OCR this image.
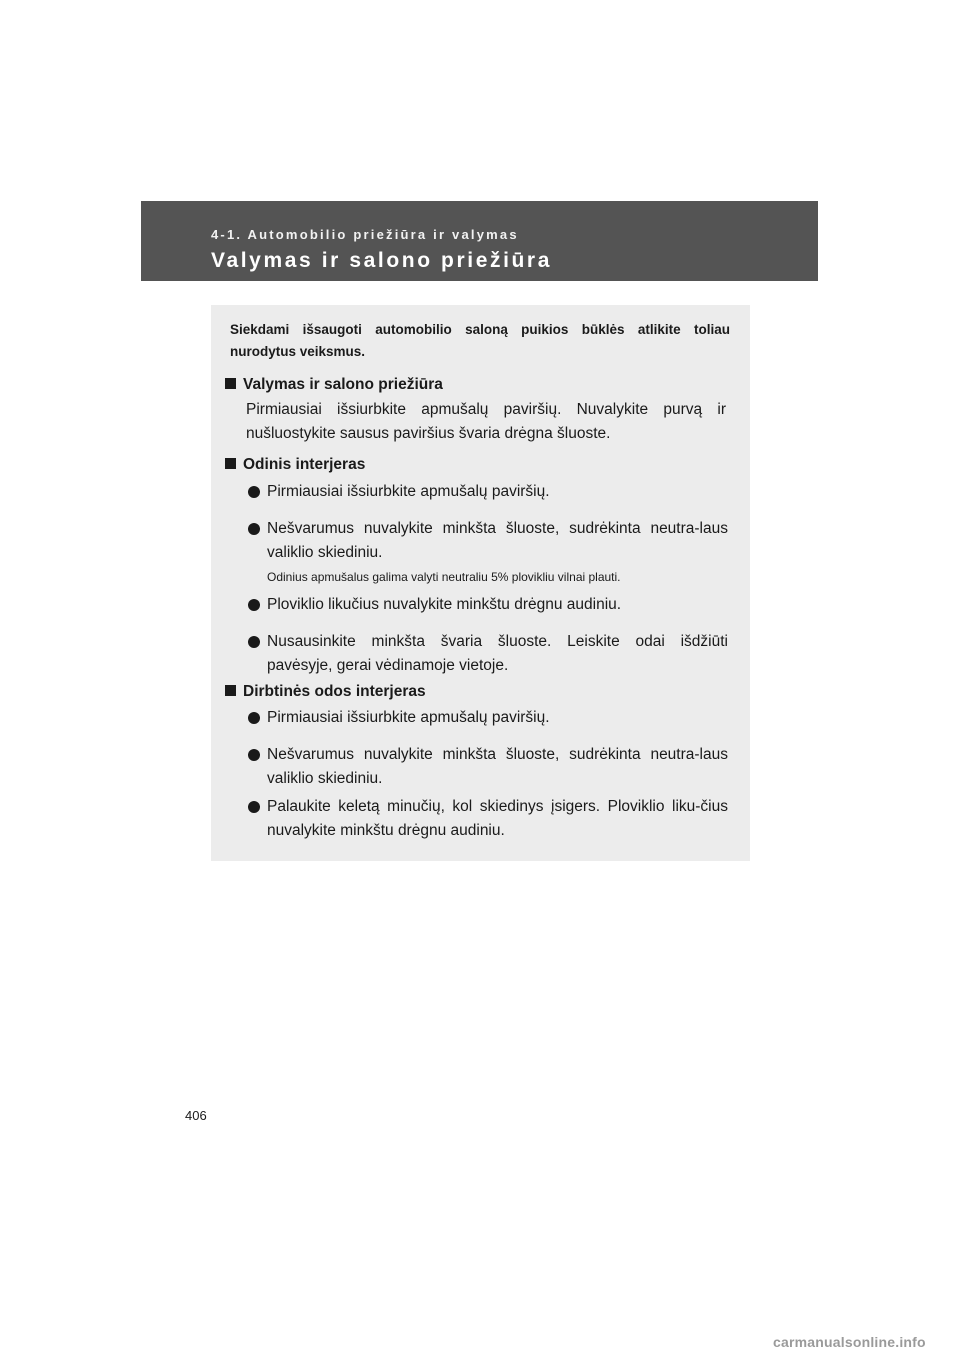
4-1. Automobilio priežiūra ir valymas
Valymas ir salono priežiūra
Siekdami išsaugoti automobilio saloną puikios būklės atlikite toliau nurodytus veiksmus.
Valymas ir salono priežiūra
Pirmiausiai išsiurbkite apmušalų paviršių. Nuvalykite purvą ir nušluostykite sausus paviršius švaria drėgna šluoste.
Odinis interjeras
Pirmiausiai išsiurbkite apmušalų paviršių.
Nešvarumus nuvalykite minkšta šluoste, sudrėkinta neutra-laus valiklio skiediniu.
Odinius apmušalus galima valyti neutraliu 5% plovikliu vilnai plauti.
Ploviklio likučius nuvalykite minkštu drėgnu audiniu.
Nusausinkite minkšta švaria šluoste. Leiskite odai išdžiūti pavėsyje, gerai vėdinamoje vietoje.
Dirbtinės odos interjeras
Pirmiausiai išsiurbkite apmušalų paviršių.
Nešvarumus nuvalykite minkšta šluoste, sudrėkinta neutra-laus valiklio skiediniu.
Palaukite keletą minučių, kol skiedinys įsigers. Ploviklio liku-čius nuvalykite minkštu drėgnu audiniu.
406
carmanualsonline.info
